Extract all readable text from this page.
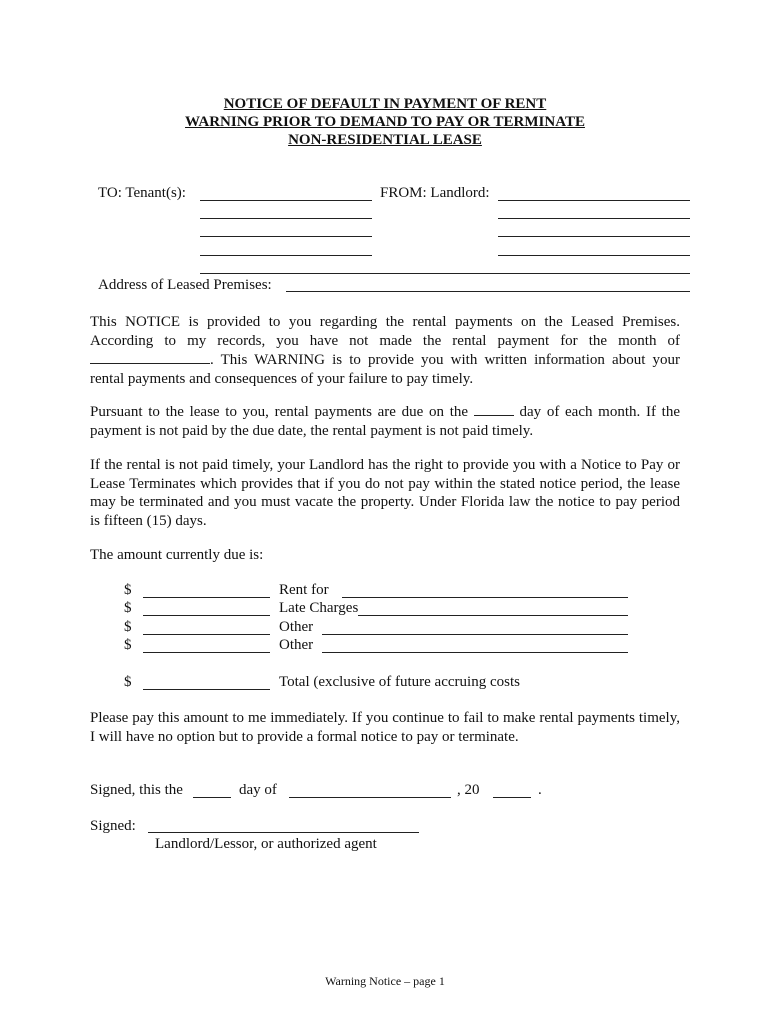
NOTICE OF DEFAULT IN PAYMENT OF RENT
WARNING PRIOR TO DEMAND TO PAY OR TERMINATE
NON-RESIDENTIAL LEASE
TO: Tenant(s):	FROM: Landlord:
Address of Leased Premises:
This NOTICE is provided to you regarding the rental payments on the Leased Premises. According to my records, you have not made the rental payment for the month of . This WARNING is to provide you with written information about your rental payments and consequences of your failure to pay timely.
Pursuant to the lease to you, rental payments are due on the	day of each month. If the payment is not paid by the due date, the rental payment is not paid timely.
If the rental is not paid timely, your Landlord has the right to provide you with a Notice to Pay or Lease Terminates which provides that if you do not pay within the stated notice period, the lease may be terminated and you must vacate the property. Under Florida law the notice to pay period is fifteen (15) days.
The amount currently due is:
$	Rent for
$	Late Charges
$	Other
$	Other
$	Total (exclusive of future accruing costs
Please pay this amount to me immediately. If you continue to fail to make rental payments timely, I will have no option but to provide a formal notice to pay or terminate.
Signed, this the	day of	, 20	.
Signed:
Landlord/Lessor, or authorized agent
Warning Notice – page 1
